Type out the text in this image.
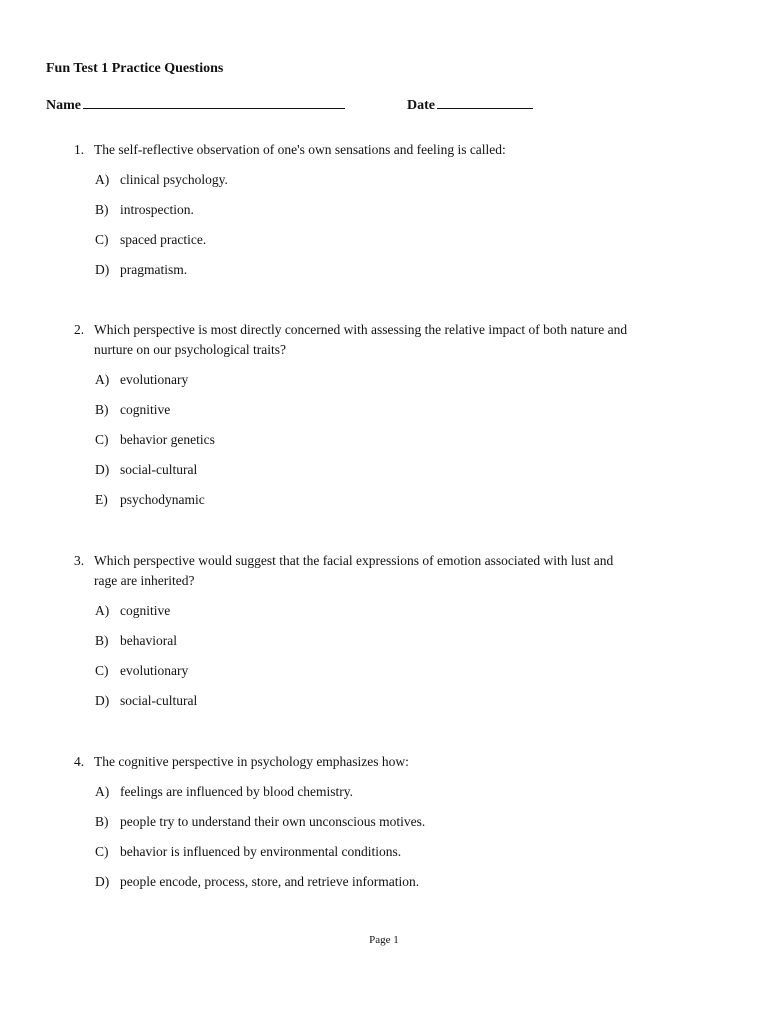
Fun Test 1 Practice Questions
Name	Date
1. The self-reflective observation of one's own sensations and feeling is called:
A) clinical psychology.
B) introspection.
C) spaced practice.
D) pragmatism.
2. Which perspective is most directly concerned with assessing the relative impact of both nature and nurture on our psychological traits?
A) evolutionary
B) cognitive
C) behavior genetics
D) social-cultural
E) psychodynamic
3. Which perspective would suggest that the facial expressions of emotion associated with lust and rage are inherited?
A) cognitive
B) behavioral
C) evolutionary
D) social-cultural
4. The cognitive perspective in psychology emphasizes how:
A) feelings are influenced by blood chemistry.
B) people try to understand their own unconscious motives.
C) behavior is influenced by environmental conditions.
D) people encode, process, store, and retrieve information.
Page 1
